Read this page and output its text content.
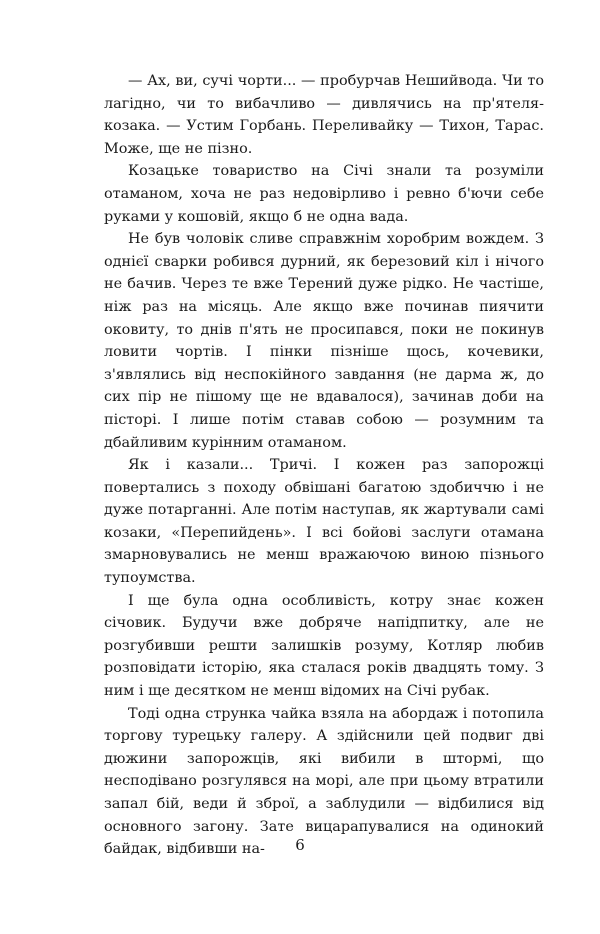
— Ах, ви, сучі чорти... — пробурчав Нешийвода. Чи то лагідно, чи то вибачливо — дивлячись на пр'ятеля-козака. — Устим Горбань. Переливайку — Тихон, Тарас. Може, ще не пізно.

Козацьке товариство на Січі знали та розуміли отаманом, хоча не раз недовірливо і ревно б'ючи себе руками у кошовій, якщо б не одна вада.

Не був чоловік сливе справжнім хоробрим вождем. З однієї сварки робився дурний, як березовий кіл і нічого не бачив. Через те вже Терений дуже рідко. Не частіше, ніж раз на місяць. Але якщо вже починав пиячити оковиту, то днів п'ять не просипався, поки не покинув ловити чортів. І пінки пізніше щось, кочевики, з'являлись від неспокійного завдання (не дарма ж, до сих пір не пішому ще не вдавалося), зачинав доби на пісторі. І лише потім ставав собою — розумним та дбайливим курінним отаманом.

Як і казали... Тричі. І кожен раз запорожці повертались з походу обвішані багатою здобиччю і не дуже потарганні. Але потім наступав, як жартували самі козаки, «Перепийдень». І всі бойові заслуги отамана змарновувались не менш вражаючою виною пізнього тупоумства.

І ще була одна особливість, котру знає кожен січовик. Будучи вже добряче напідпитку, але не розгубивши решти залишків розуму, Котляр любив розповідати історію, яка сталася років двадцять тому. З ним і ще десятком не менш відомих на Січі рубак.

Тоді одна струнка чайка взяла на абордаж і потопила торгову турецьку галеру. А здійснили цей подвиг дві дюжини запорожців, які вибили в штормі, що несподівано розгулявся на морі, але при цьому втратили запал бій, веди й зброї, а заблудили — відбилися від основного загону. Зате вицарапувалися на одинокий байдак, відбивши на-	6
